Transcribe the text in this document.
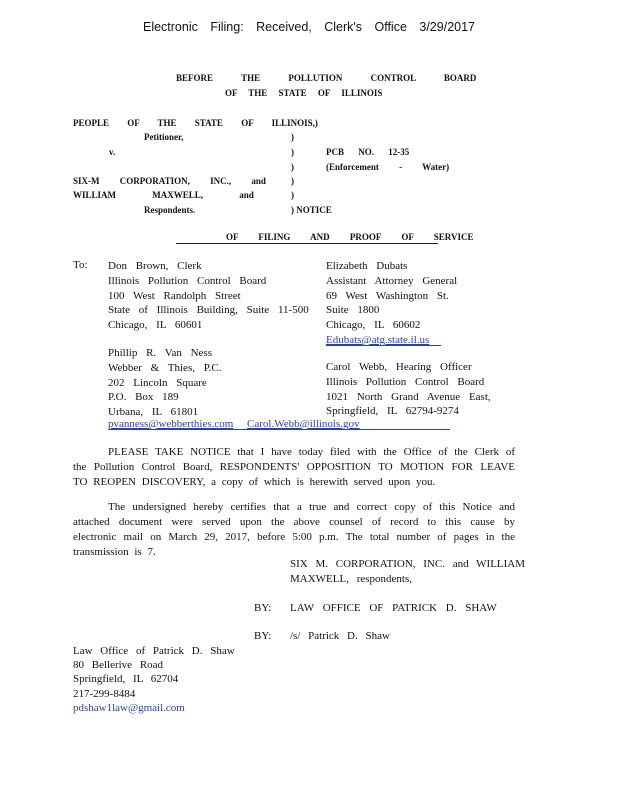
Electronic Filing: Received, Clerk's Office 3/29/2017
BEFORE THE POLLUTION CONTROL BOARD
OF THE STATE OF ILLINOIS
PEOPLE OF THE STATE OF ILLINOIS,)
Petitioner,
v.
)
)
)
)
)
PCB NO. 12-35
(Enforcement - Water)
SIX-M CORPORATION, INC., and
WILLIAM MAXWELL, and
Respondents.	) NOTICE
OF FILING AND PROOF OF SERVICE
To: Don Brown, Clerk
Illinois Pollution Control Board
100 West Randolph Street
State of Illinois Building, Suite 11-500
Chicago, IL 60601
Elizabeth Dubats
Assistant Attorney General
69 West Washington St.
Suite 1800
Chicago, IL 60602
Edubats@atg.state.il.us
Phillip R. Van Ness
Webber & Thies, P.C.
202 Lincoln Square
P.O. Box 189
Urbana, IL 61801
Carol Webb, Hearing Officer
Illinois Pollution Control Board
1021 North Grand Avenue East,
Springfield, IL 62794-9274
pvanness@webberthies.com Carol.Webb@illinois.gov
PLEASE TAKE NOTICE that I have today filed with the Office of the Clerk of the Pollution Control Board, RESPONDENTS' OPPOSITION TO MOTION FOR LEAVE TO REOPEN DISCOVERY, a copy of which is herewith served upon you.
The undersigned hereby certifies that a true and correct copy of this Notice and attached document were served upon the above counsel of record to this cause by electronic mail on March 29, 2017, before 5:00 p.m. The total number of pages in the transmission is 7.
SIX M. CORPORATION, INC. and WILLIAM
MAXWELL, respondents,
BY: LAW OFFICE OF PATRICK D. SHAW
BY: /s/ Patrick D. Shaw
Law Office of Patrick D. Shaw
80 Bellerive Road
Springfield, IL 62704
217-299-8484
pdshaw1law@gmail.com
